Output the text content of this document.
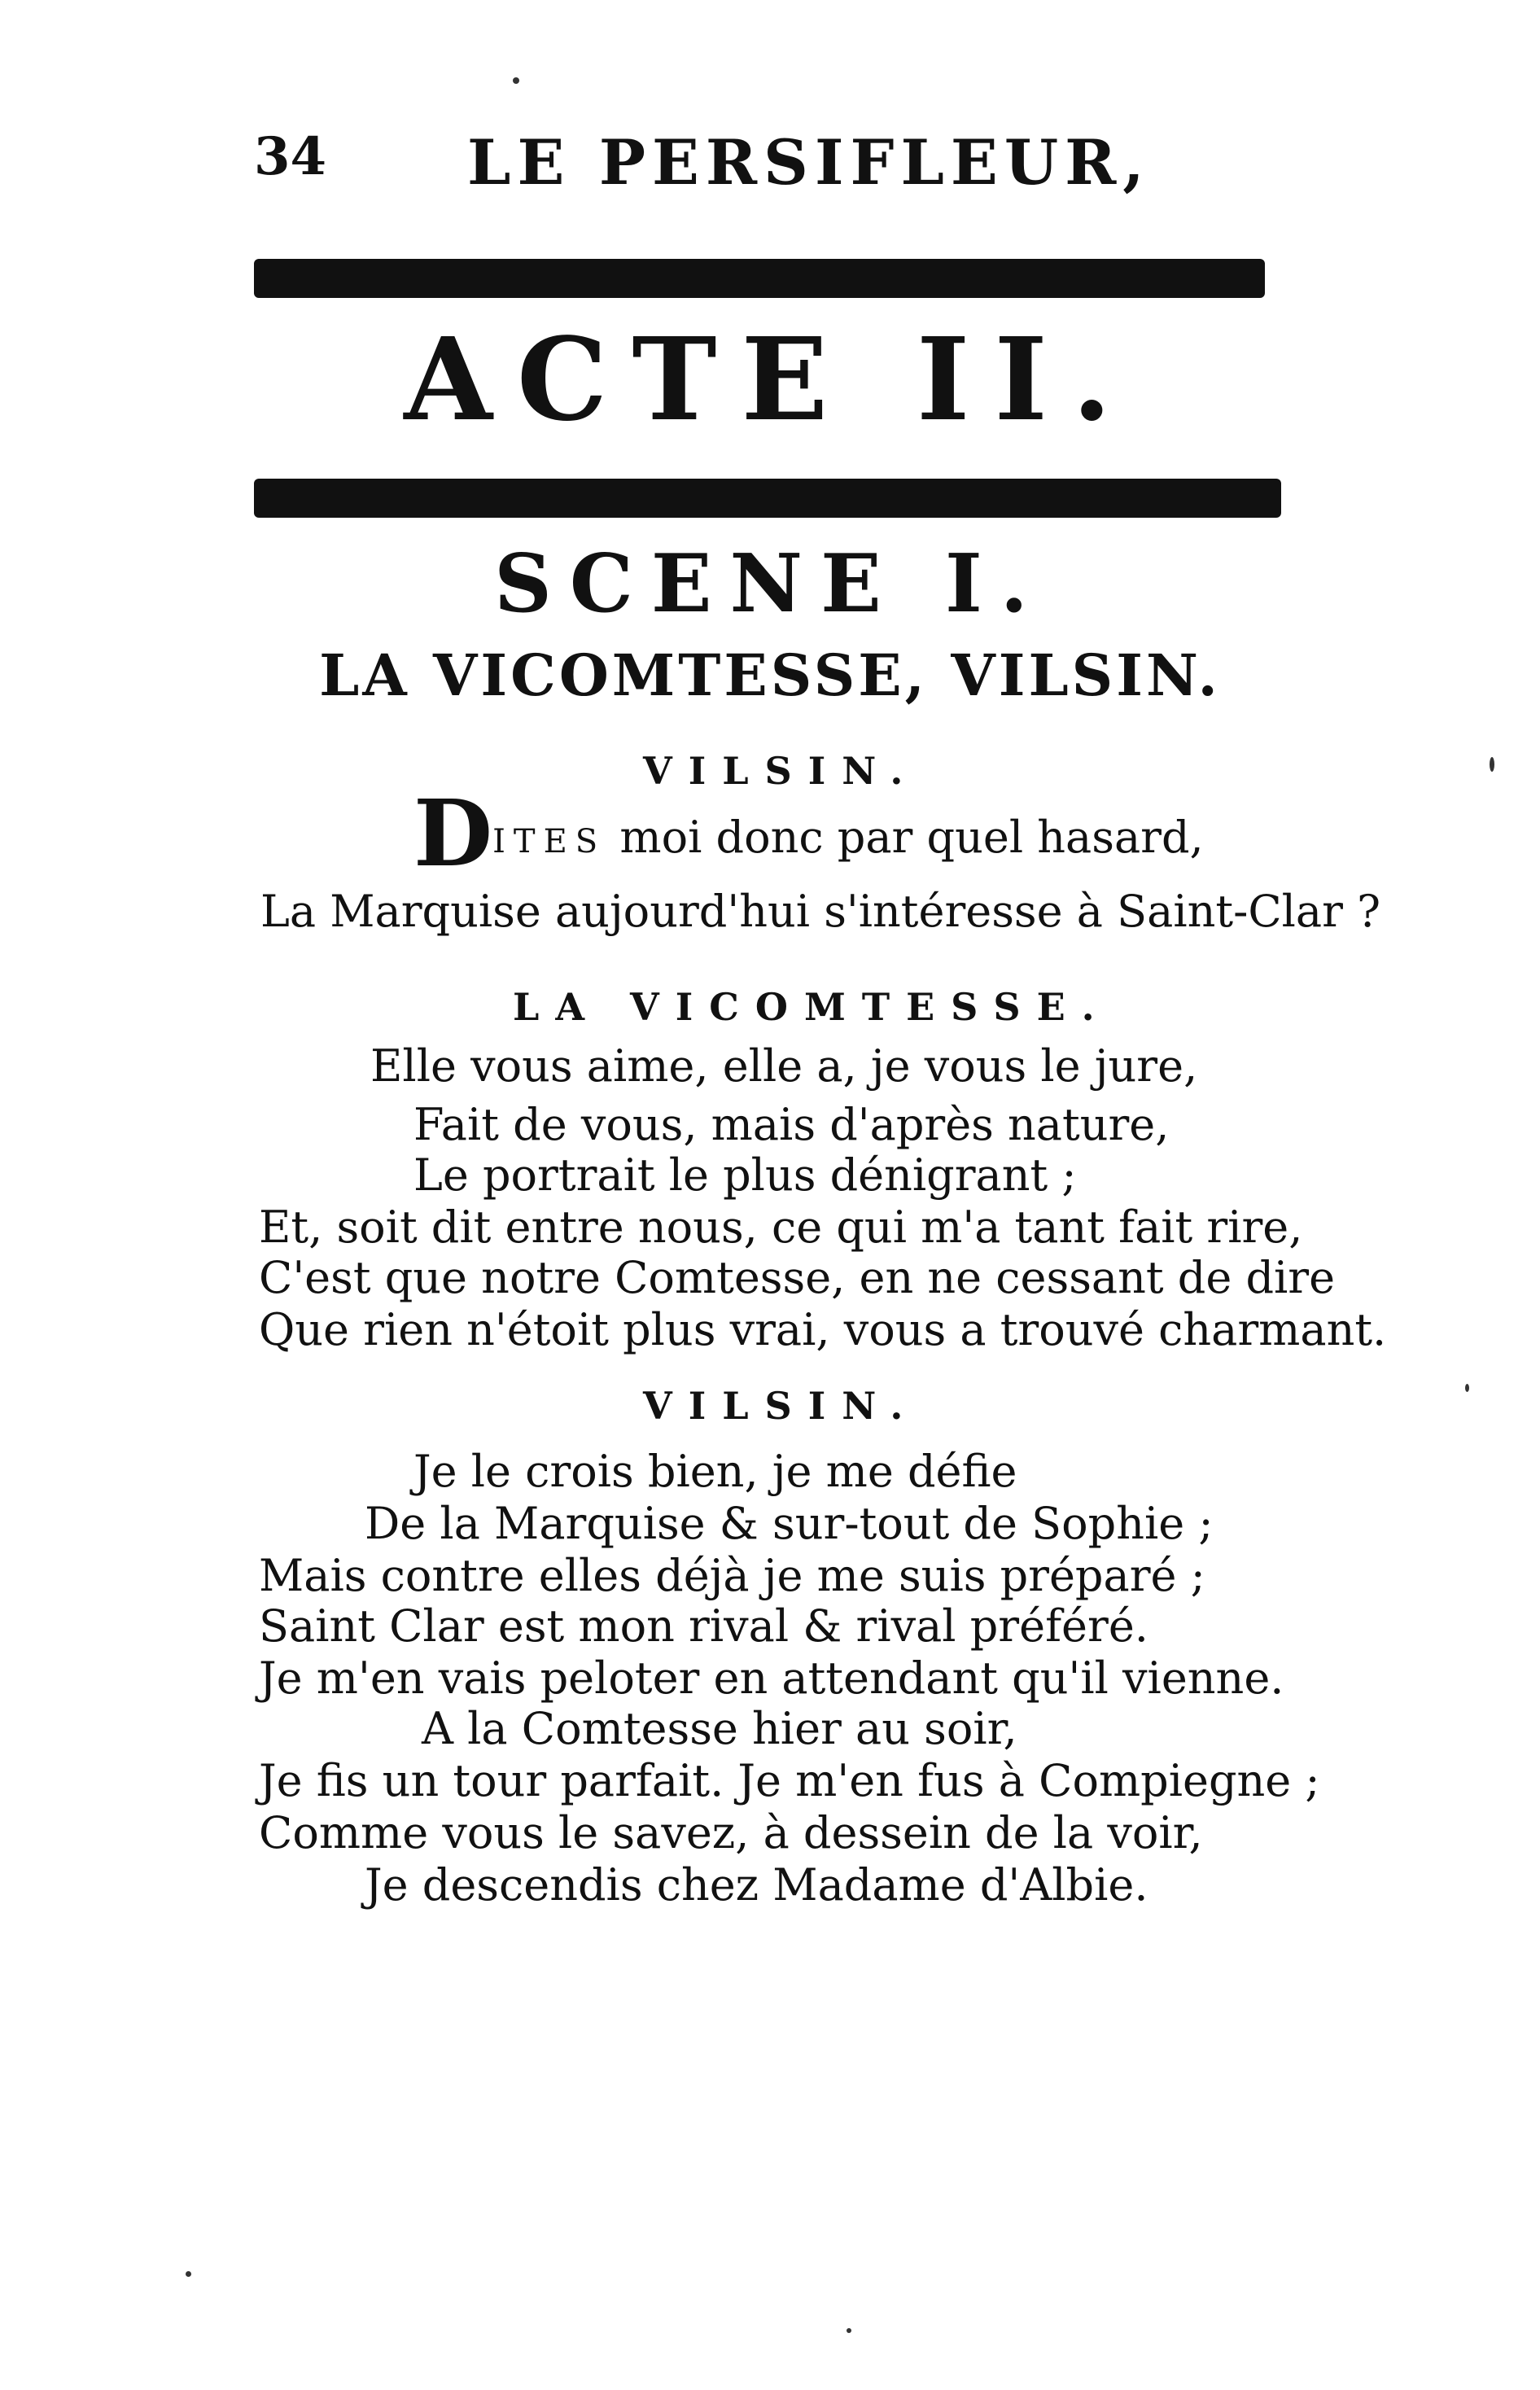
34 LE PERSIFLEUR,
ACTE II.
SCENE I.
LA VICOMTESSE, VILSIN.
VILSIN.
DITES moi donc par quel hasard,
La Marquise aujourd'hui s'intéresse à Saint-Clar ?
LA VICOMTESSE.
Elle vous aime, elle a, je vous le jure,
Fait de vous, mais d'après nature,
Le portrait le plus dénigrant ;
Et, soit dit entre nous, ce qui m'a tant fait rire,
C'est que notre Comtesse, en ne cessant de dire
Que rien n'étoit plus vrai, vous a trouvé charmant.
VILSIN.
Je le crois bien, je me défie
De la Marquise & sur-tout de Sophie ;
Mais contre elles déjà je me suis préparé ;
Saint Clar est mon rival & rival préféré.
Je m'en vais peloter en attendant qu'il vienne.
A la Comtesse hier au soir,
Je fis un tour parfait. Je m'en fus à Compiegne ;
Comme vous le savez, à dessein de la voir,
Je descendis chez Madame d'Albie.
